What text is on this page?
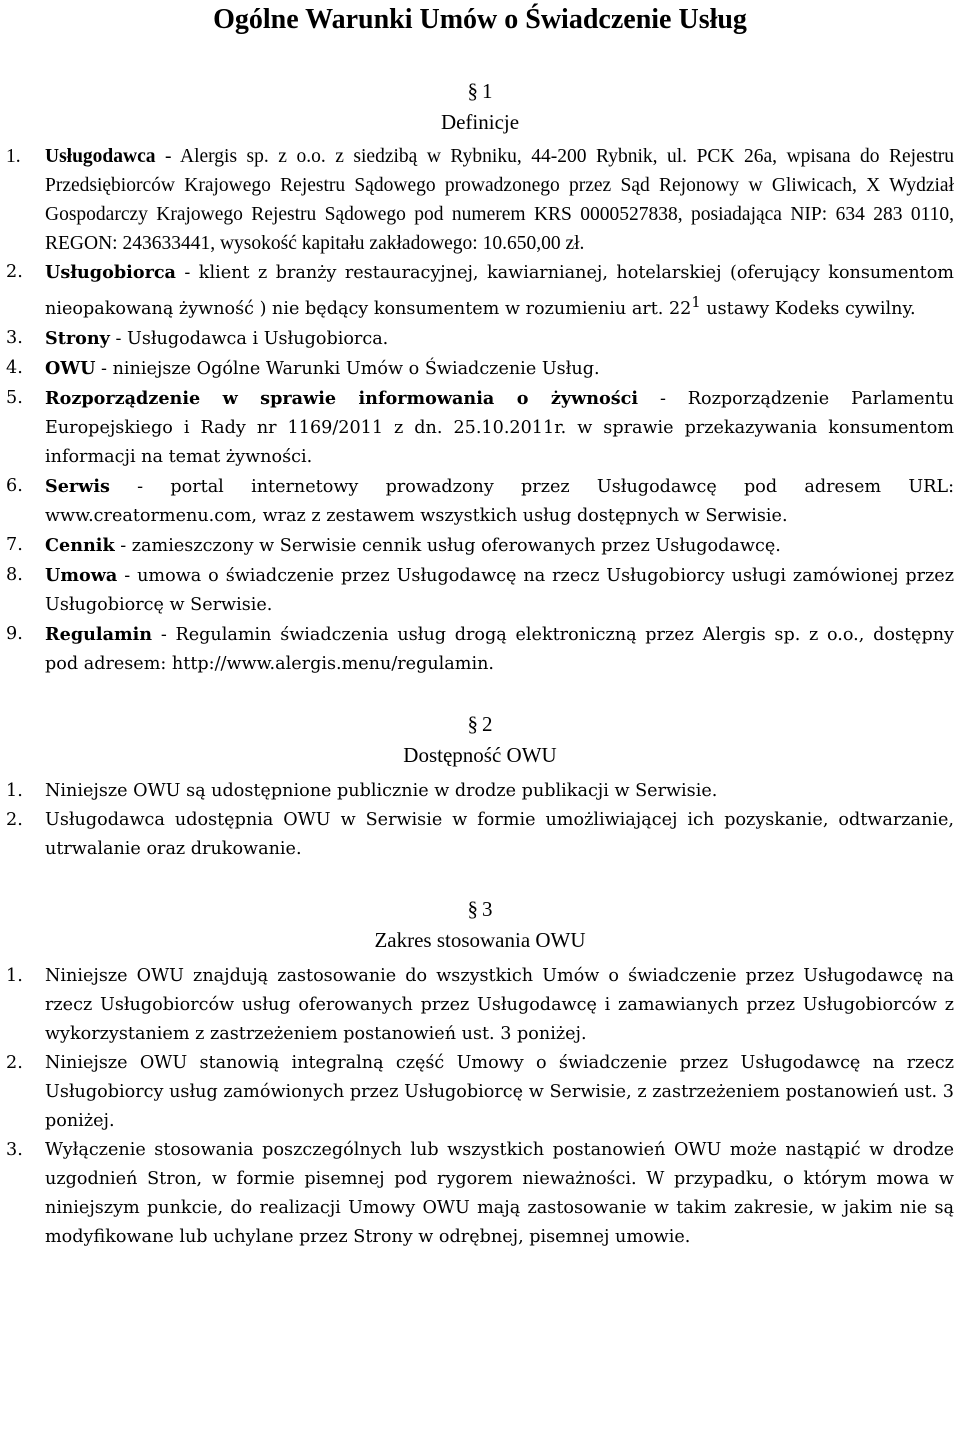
Ogólne Warunki Umów o Świadczenie Usług
§ 1
Definicje
1. Usługodawca - Alergis sp. z o.o. z siedzibą w Rybniku, 44-200 Rybnik, ul. PCK 26a, wpisana do Rejestru Przedsiębiorców Krajowego Rejestru Sądowego prowadzonego przez Sąd Rejonowy w Gliwicach, X Wydział Gospodarczy Krajowego Rejestru Sądowego pod numerem KRS 0000527838, posiadająca NIP: 634 283 0110, REGON: 243633441, wysokość kapitału zakładowego: 10.650,00 zł.
2. Usługobiorca - klient z branży restauracyjnej, kawiarnianej, hotelarskiej (oferujący konsumentom nieopakowaną żywność ) nie będący konsumentem w rozumieniu art. $22^1$ ustawy Kodeks cywilny.
3. Strony - Usługodawca i Usługobiorca.
4. OWU - niniejsze Ogólne Warunki Umów o Świadczenie Usług.
5. Rozporządzenie w sprawie informowania o żywności - Rozporządzenie Parlamentu Europejskiego i Rady nr 1169/2011 z dn. 25.10.2011r. w sprawie przekazywania konsumentom informacji na temat żywności.
6. Serwis - portal internetowy prowadzony przez Usługodawcę pod adresem URL: www.creatormenu.com, wraz z zestawem wszystkich usług dostępnych w Serwisie.
7. Cennik - zamieszczony w Serwisie cennik usług oferowanych przez Usługodawcę.
8. Umowa - umowa o świadczenie przez Usługodawcę na rzecz Usługobiorcy usługi zamówionej przez Usługobiorcę w Serwisie.
9. Regulamin - Regulamin świadczenia usług drogą elektroniczną przez Alergis sp. z o.o., dostępny pod adresem: http://www.alergis.menu/regulamin.
§ 2
Dostępność OWU
1. Niniejsze OWU są udostępnione publicznie w drodze publikacji w Serwisie.
2. Usługodawca udostępnia OWU w Serwisie w formie umożliwiającej ich pozyskanie, odtwarzanie, utrwalanie oraz drukowanie.
§ 3
Zakres stosowania OWU
1. Niniejsze OWU znajdują zastosowanie do wszystkich Umów o świadczenie przez Usługodawcę na rzecz Usługobiorców usług oferowanych przez Usługodawcę i zamawianych przez Usługobiorców z wykorzystaniem z zastrzeżeniem postanowień ust. 3 poniżej.
2. Niniejsze OWU stanowią integralną część Umowy o świadczenie przez Usługodawcę na rzecz Usługobiorcy usług zamówionych przez Usługobiorcę w Serwisie, z zastrzeżeniem postanowień ust. 3 poniżej.
3. Wyłączenie stosowania poszczególnych lub wszystkich postanowień OWU może nastąpić w drodze uzgodnień Stron, w formie pisemnej pod rygorem nieważności. W przypadku, o którym mowa w niniejszym punkcie, do realizacji Umowy OWU mają zastosowanie w takim zakresie, w jakim nie są modyfikowane lub uchylane przez Strony w odrębnej, pisemnej umowie.
